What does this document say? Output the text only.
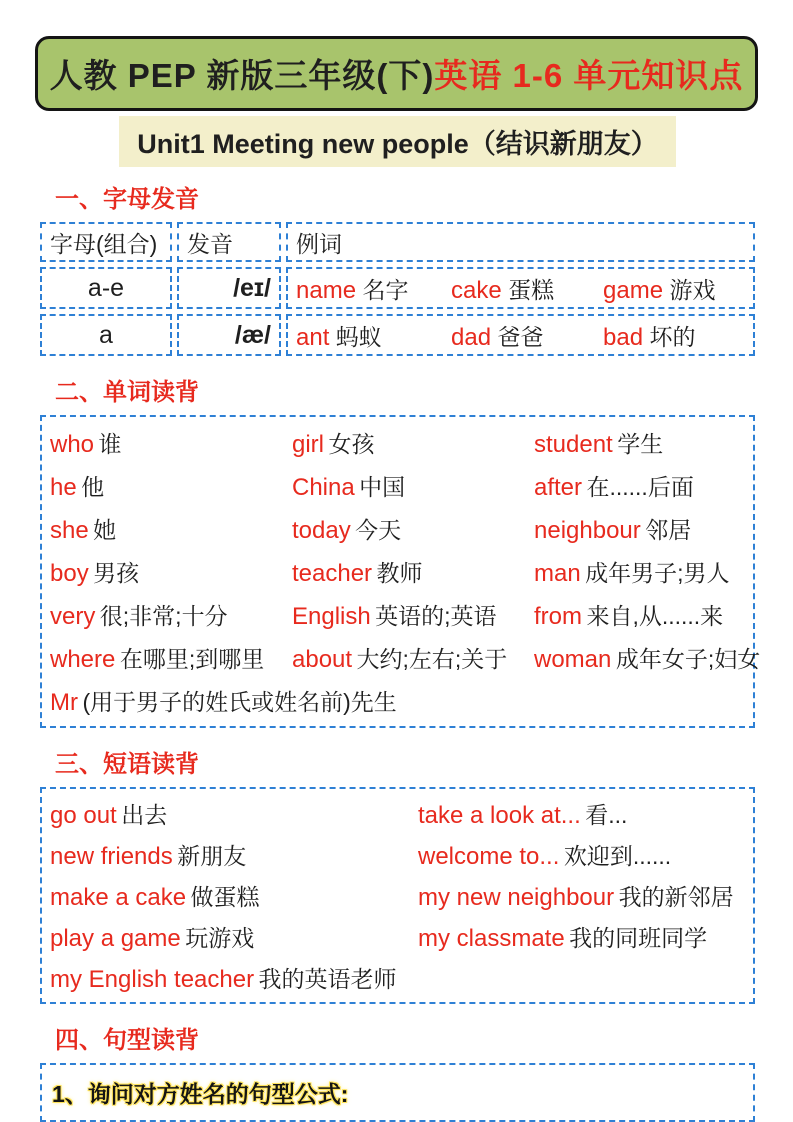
人教 PEP 新版三年级(下) 英语 1-6 单元知识点
Unit1 Meeting new people（结识新朋友）
一、字母发音
字母(组合)	发音	例词
a-e	/eɪ/	name 名字	cake 蛋糕	game 游戏
a	/æ/	ant 蚂蚁	dad 爸爸	bad 坏的
二、单词读背
who 谁	girl 女孩	student 学生
he 他	China 中国	after 在......后面
she 她	today 今天	neighbour 邻居
boy 男孩	teacher 教师	man 成年男子;男人
very 很;非常;十分	English 英语的;英语	from 来自,从......来
where 在哪里;到哪里	about 大约;左右;关于	woman 成年女子;妇女
Mr (用于男子的姓氏或姓名前)先生
三、短语读背
go out 出去	take a look at... 看...
new friends 新朋友	welcome to... 欢迎到......
make a cake 做蛋糕	my new neighbour 我的新邻居
play a game 玩游戏	my classmate 我的同班同学
my English teacher 我的英语老师
四、句型读背
1、询问对方姓名的句型公式:
